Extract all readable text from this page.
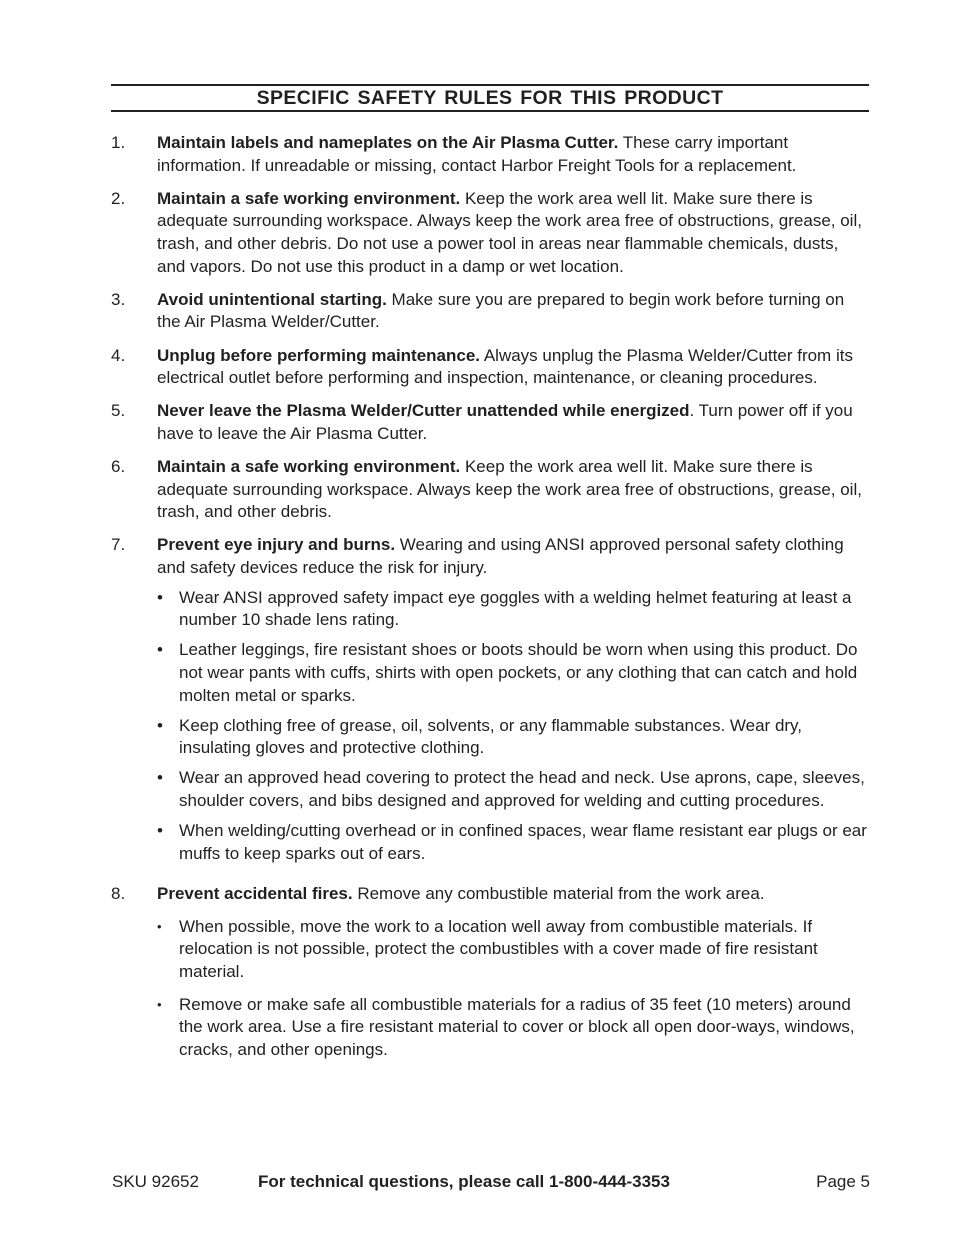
SPECIFIC SAFETY RULES FOR THIS PRODUCT
1.	Maintain labels and nameplates on the Air Plasma Cutter. These carry important information. If unreadable or missing, contact Harbor Freight Tools for a replacement.
2.	Maintain a safe working environment. Keep the work area well lit. Make sure there is adequate surrounding workspace. Always keep the work area free of obstructions, grease, oil, trash, and other debris. Do not use a power tool in areas near flammable chemicals, dusts, and vapors. Do not use this product in a damp or wet location.
3.	Avoid unintentional starting. Make sure you are prepared to begin work before turning on the Air Plasma Welder/Cutter.
4.	Unplug before performing maintenance. Always unplug the Plasma Welder/Cutter from its electrical outlet before performing and inspection, maintenance, or cleaning procedures.
5.	Never leave the Plasma Welder/Cutter unattended while energized. Turn power off if you have to leave the Air Plasma Cutter.
6.	Maintain a safe working environment. Keep the work area well lit. Make sure there is adequate surrounding workspace. Always keep the work area free of obstructions, grease, oil, trash, and other debris.
7.	Prevent eye injury and burns. Wearing and using ANSI approved personal safety clothing and safety devices reduce the risk for injury.
• Wear ANSI approved safety impact eye goggles with a welding helmet featuring at least a number 10 shade lens rating.
• Leather leggings, fire resistant shoes or boots should be worn when using this product. Do not wear pants with cuffs, shirts with open pockets, or any clothing that can catch and hold molten metal or sparks.
• Keep clothing free of grease, oil, solvents, or any flammable substances. Wear dry, insulating gloves and protective clothing.
• Wear an approved head covering to protect the head and neck. Use aprons, cape, sleeves, shoulder covers, and bibs designed and approved for welding and cutting procedures.
• When welding/cutting overhead or in confined spaces, wear flame resistant ear plugs or ear muffs to keep sparks out of ears.
8.	Prevent accidental fires. Remove any combustible material from the work area.
•	When possible, move the work to a location well away from combustible materials. If relocation is not possible, protect the combustibles with a cover made of fire resistant material.
•	Remove or make safe all combustible materials for a radius of 35 feet (10 meters) around the work area. Use a fire resistant material to cover or block all open door-ways, windows, cracks, and other openings.
SKU 92652	For technical questions, please call 1-800-444-3353	Page 5
